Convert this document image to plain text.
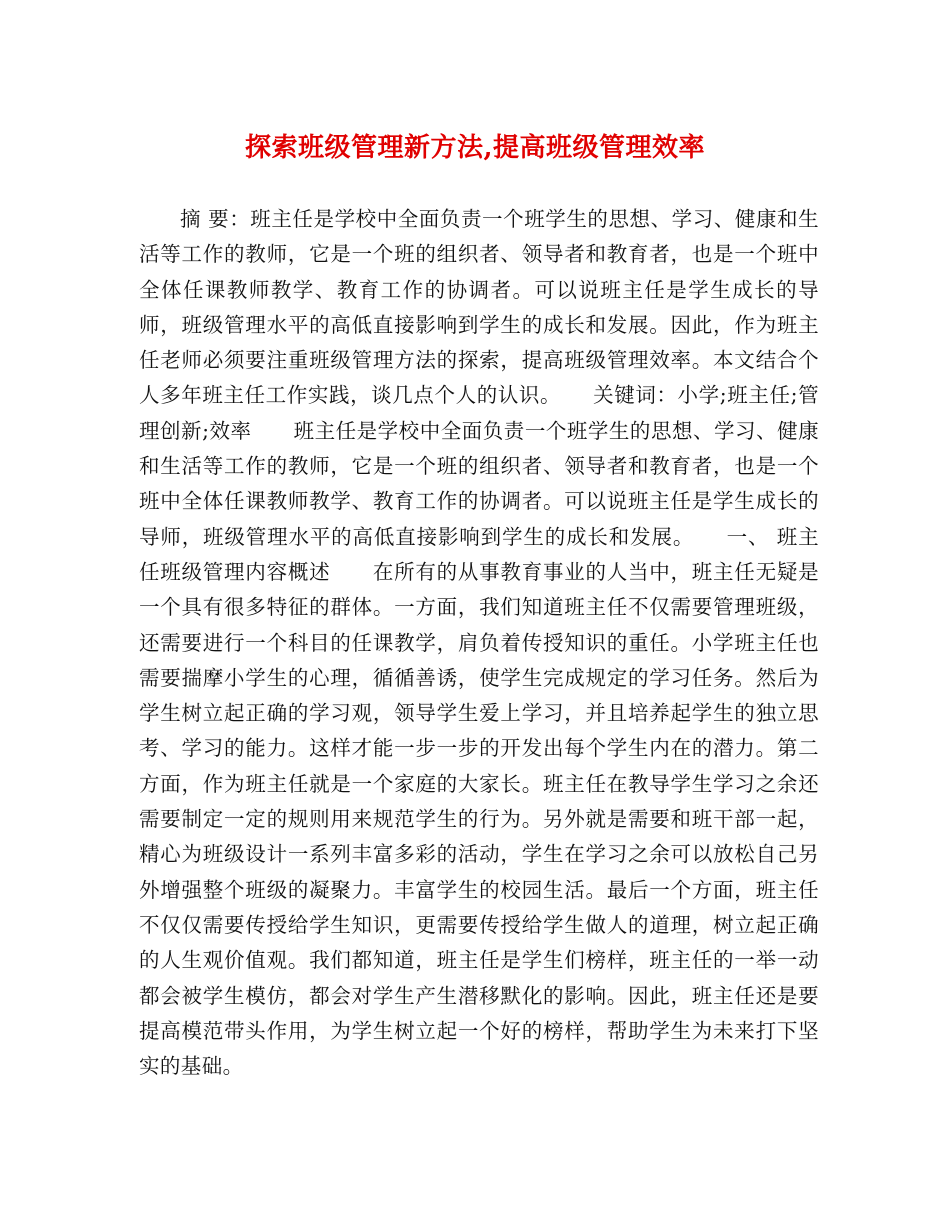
探索班级管理新方法,提高班级管理效率

摘 要：班主任是学校中全面负责一个班学生的思想、学习、健康和生活等工作的教师，它是一个班的组织者、领导者和教育者，也是一个班中全体任课教师教学、教育工作的协调者。可以说班主任是学生成长的导师，班级管理水平的高低直接影响到学生的成长和发展。因此，作为班主任老师必须要注重班级管理方法的探索，提高班级管理效率。本文结合个人多年班主任工作实践，谈几点个人的认识。　　关键词：小学;班主任;管理创新;效率　　班主任是学校中全面负责一个班学生的思想、学习、健康和生活等工作的教师，它是一个班的组织者、领导者和教育者，也是一个班中全体任课教师教学、教育工作的协调者。可以说班主任是学生成长的导师，班级管理水平的高低直接影响到学生的成长和发展。　　一、 班主任班级管理内容概述　　在所有的从事教育事业的人当中，班主任无疑是一个具有很多特征的群体。一方面，我们知道班主任不仅需要管理班级，还需要进行一个科目的任课教学，肩负着传授知识的重任。小学班主任也需要揣摩小学生的心理，循循善诱，使学生完成规定的学习任务。然后为学生树立起正确的学习观，领导学生爱上学习，并且培养起学生的独立思考、学习的能力。这样才能一步一步的开发出每个学生内在的潜力。第二方面，作为班主任就是一个家庭的大家长。班主任在教导学生学习之余还需要制定一定的规则用来规范学生的行为。另外就是需要和班干部一起，精心为班级设计一系列丰富多彩的活动，学生在学习之余可以放松自己另外增强整个班级的凝聚力。丰富学生的校园生活。最后一个方面，班主任不仅仅需要传授给学生知识，更需要传授给学生做人的道理，树立起正确的人生观价值观。我们都知道，班主任是学生们榜样，班主任的一举一动都会被学生模仿，都会对学生产生潜移默化的影响。因此，班主任还是要提高模范带头作用，为学生树立起一个好的榜样，帮助学生为未来打下坚实的基础。
